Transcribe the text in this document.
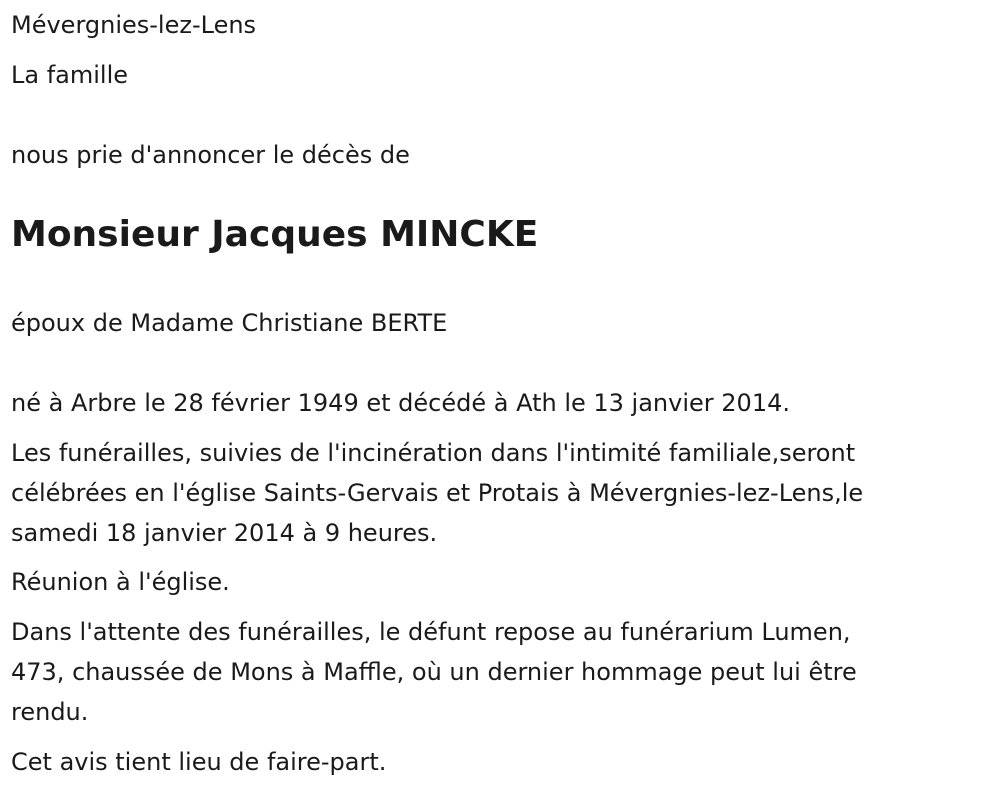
Mévergnies-lez-Lens

La famille

nous prie d'annoncer le décès de

Monsieur Jacques MINCKE

époux de Madame Christiane BERTE

né à Arbre le 28 février 1949 et décédé à Ath le 13 janvier 2014.

Les funérailles, suivies de l'incinération dans l'intimité familiale,seront
célébrées en l'église Saints-Gervais et Protais à Mévergnies-lez-Lens,le
samedi 18 janvier 2014 à 9 heures.

Réunion à l'église.

Dans l'attente des funérailles, le défunt repose au funérarium Lumen,
473, chaussée de Mons à Maffle, où un dernier hommage peut lui être
rendu.

Cet avis tient lieu de faire-part.
